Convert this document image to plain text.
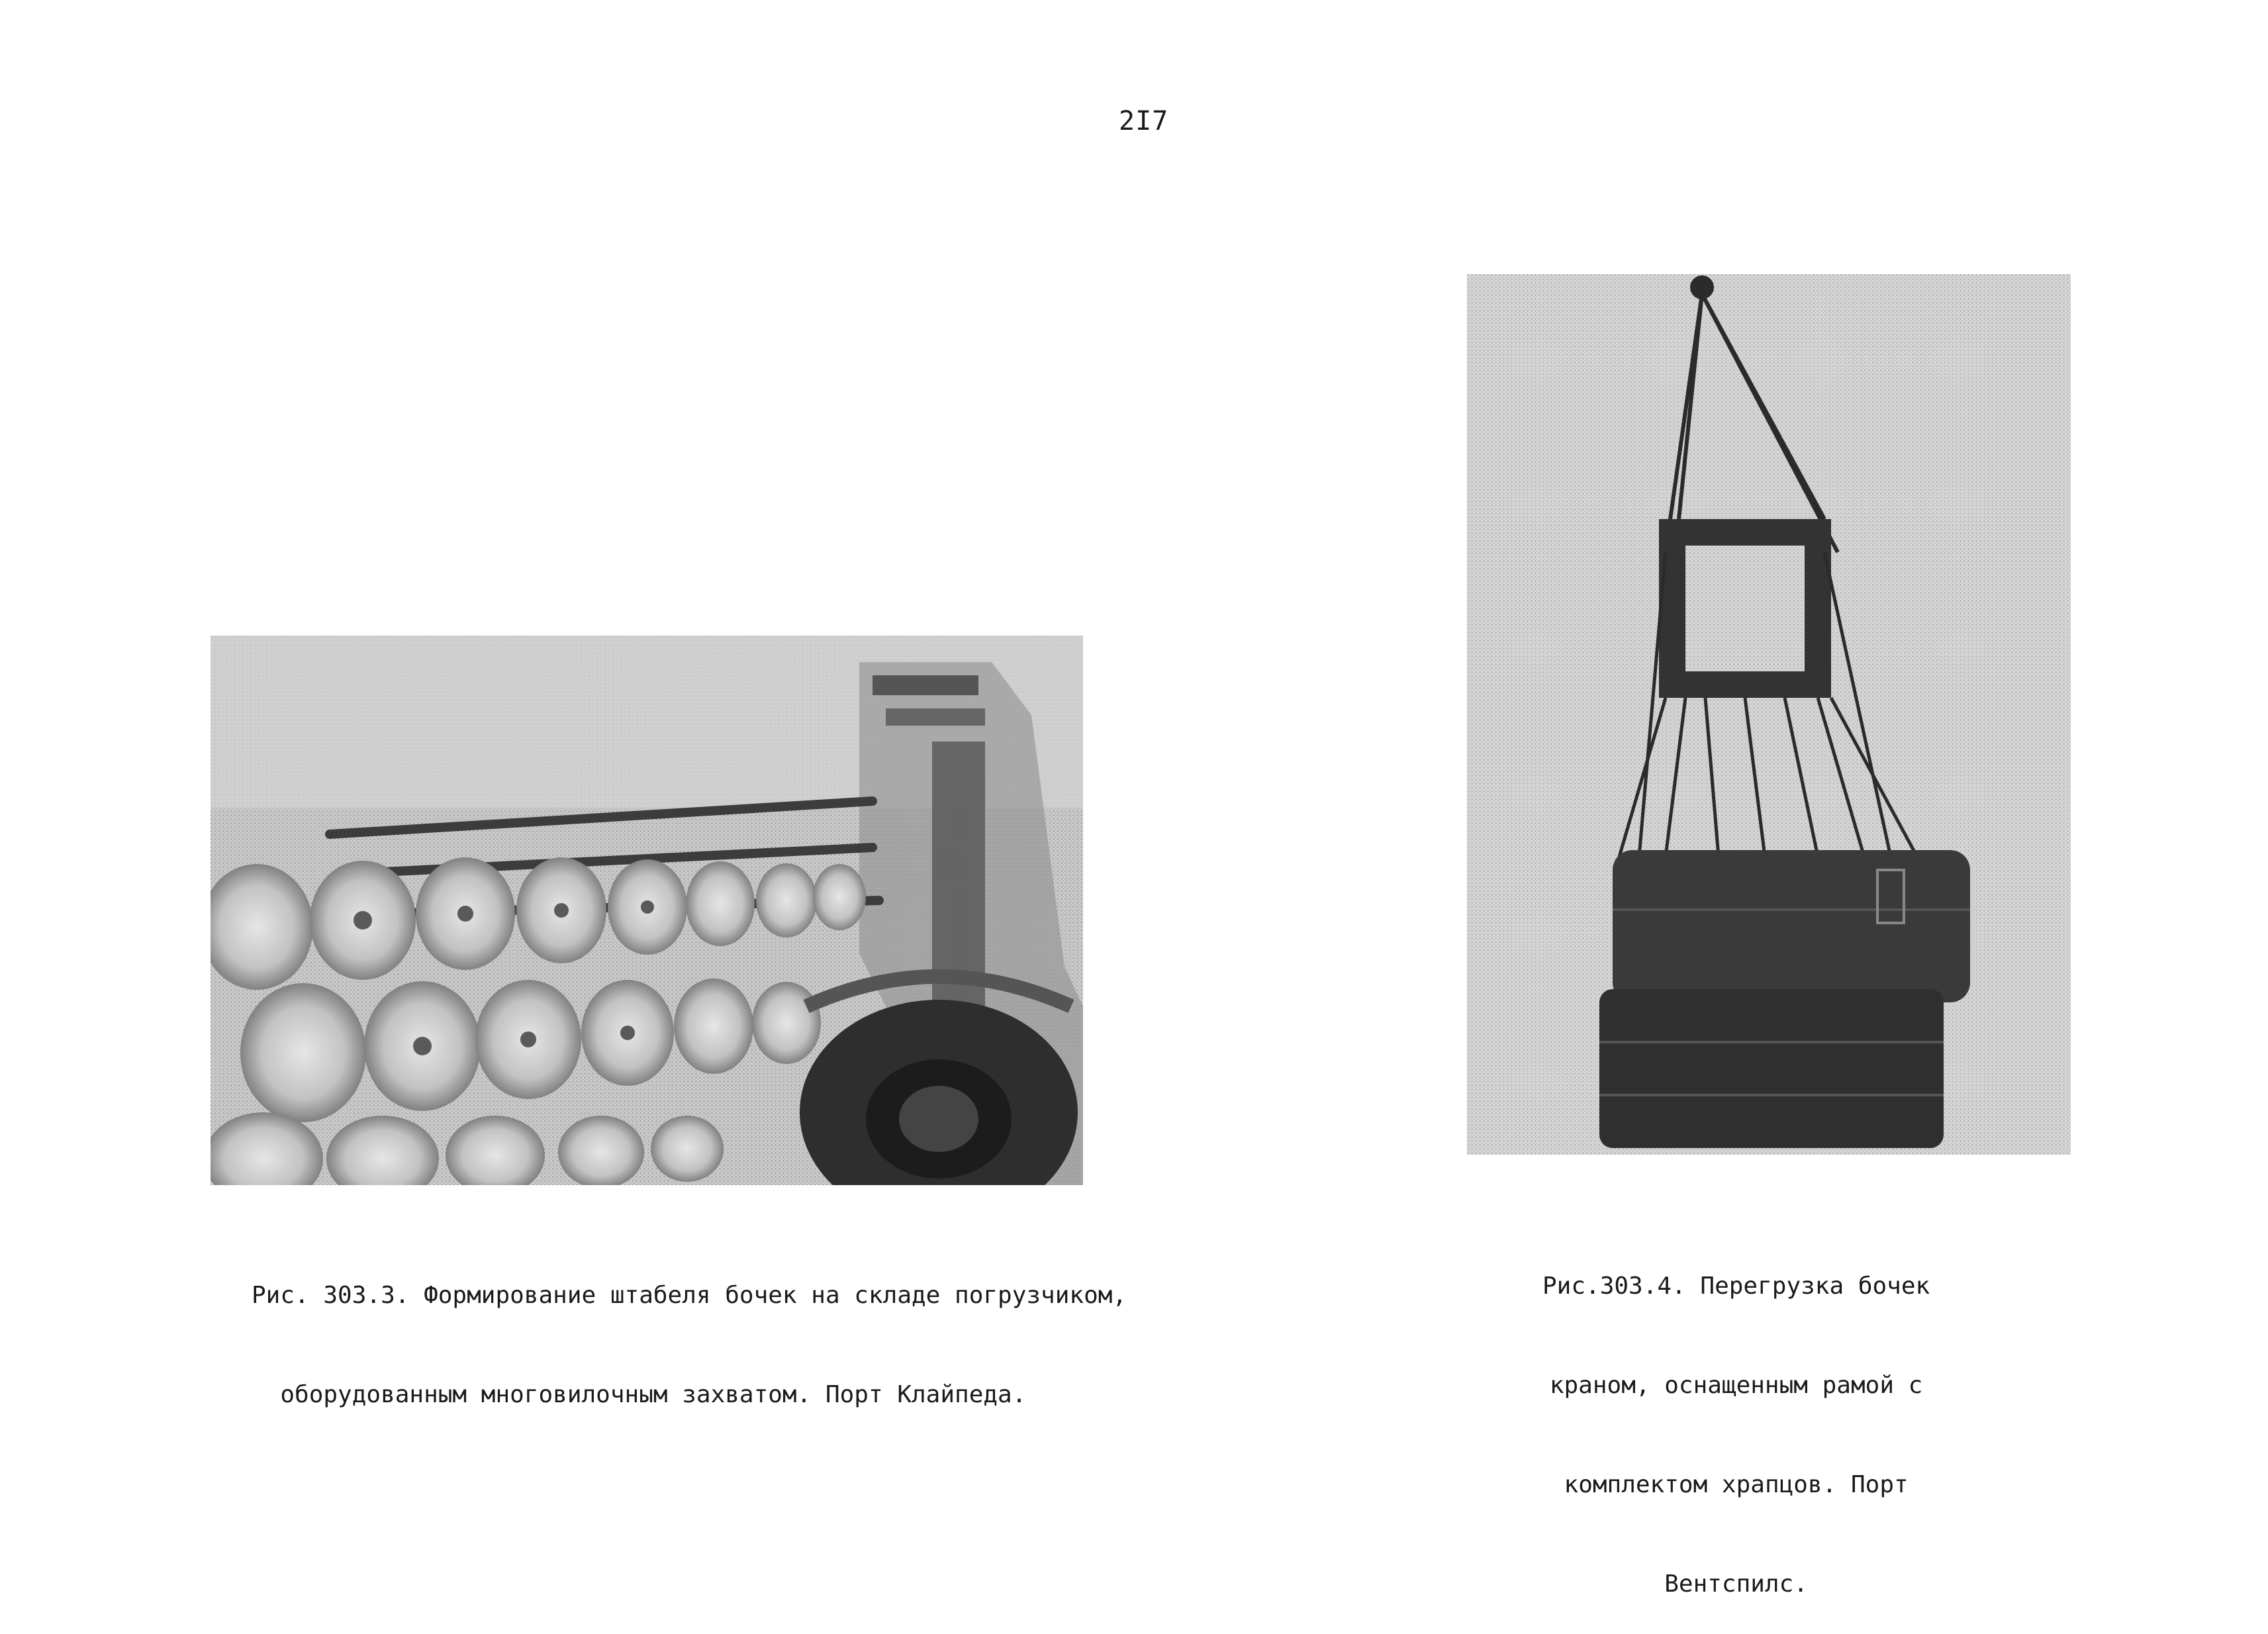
2I7

Рис. 303.3. Формирование штабеля бочек на складе погрузчиком,

оборудованным многовилочным захватом. Порт Клайпеда.

Рис.303.4. Перегрузка бочек

краном, оснащенным рамой с

комплектом храпцов. Порт

Вентспилс.
